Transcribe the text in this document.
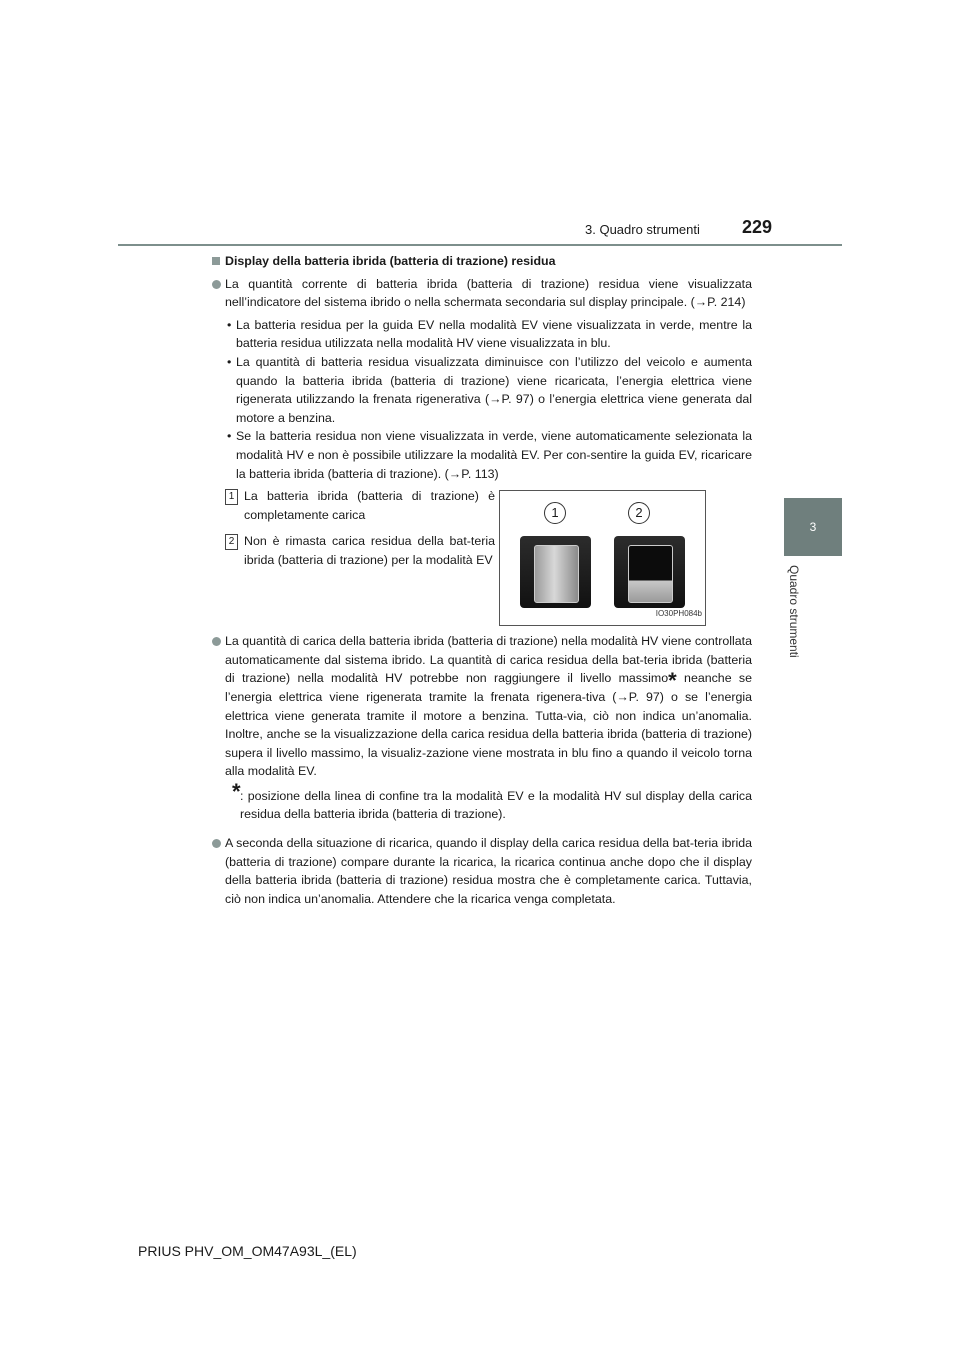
3. Quadro strumenti 229
3
Quadro strumenti
Display della batteria ibrida (batteria di trazione) residua
La quantità corrente di batteria ibrida (batteria di trazione) residua viene visualizzata nell’indicatore del sistema ibrido o nella schermata secondaria sul display principale. (→P. 214)
• La batteria residua per la guida EV nella modalità EV viene visualizzata in verde, mentre la batteria residua utilizzata nella modalità HV viene visualizzata in blu.
• La quantità di batteria residua visualizzata diminuisce con l’utilizzo del veicolo e aumenta quando la batteria ibrida (batteria di trazione) viene ricaricata, l’energia elettrica viene rigenerata utilizzando la frenata rigenerativa (→P. 97) o l’energia elettrica viene generata dal motore a benzina.
• Se la batteria residua non viene visualizzata in verde, viene automaticamente selezionata la modalità HV e non è possibile utilizzare la modalità EV. Per con-sentire la guida EV, ricaricare la batteria ibrida (batteria di trazione). (→P. 113)
1 La batteria ibrida (batteria di trazione) è completamente carica
2 Non è rimasta carica residua della bat-teria ibrida (batteria di trazione) per la modalità EV
1	2
IO30PH084b
La quantità di carica della batteria ibrida (batteria di trazione) nella modalità HV viene controllata automaticamente dal sistema ibrido. La quantità di carica residua della bat-teria ibrida (batteria di trazione) nella modalità HV potrebbe non raggiungere il livello massimo* neanche se l’energia elettrica viene rigenerata tramite la frenata rigenera-tiva (→P. 97) o se l’energia elettrica viene generata tramite il motore a benzina. Tutta-via, ciò non indica un’anomalia. Inoltre, anche se la visualizzazione della carica residua della batteria ibrida (batteria di trazione) supera il livello massimo, la visualiz-zazione viene mostrata in blu fino a quando il veicolo torna alla modalità EV.
* : posizione della linea di confine tra la modalità EV e la modalità HV sul display della carica residua della batteria ibrida (batteria di trazione).
A seconda della situazione di ricarica, quando il display della carica residua della bat-teria ibrida (batteria di trazione) compare durante la ricarica, la ricarica continua anche dopo che il display della batteria ibrida (batteria di trazione) residua mostra che è completamente carica. Tuttavia, ciò non indica un’anomalia. Attendere che la ricarica venga completata.
PRIUS PHV_OM_OM47A93L_(EL)
